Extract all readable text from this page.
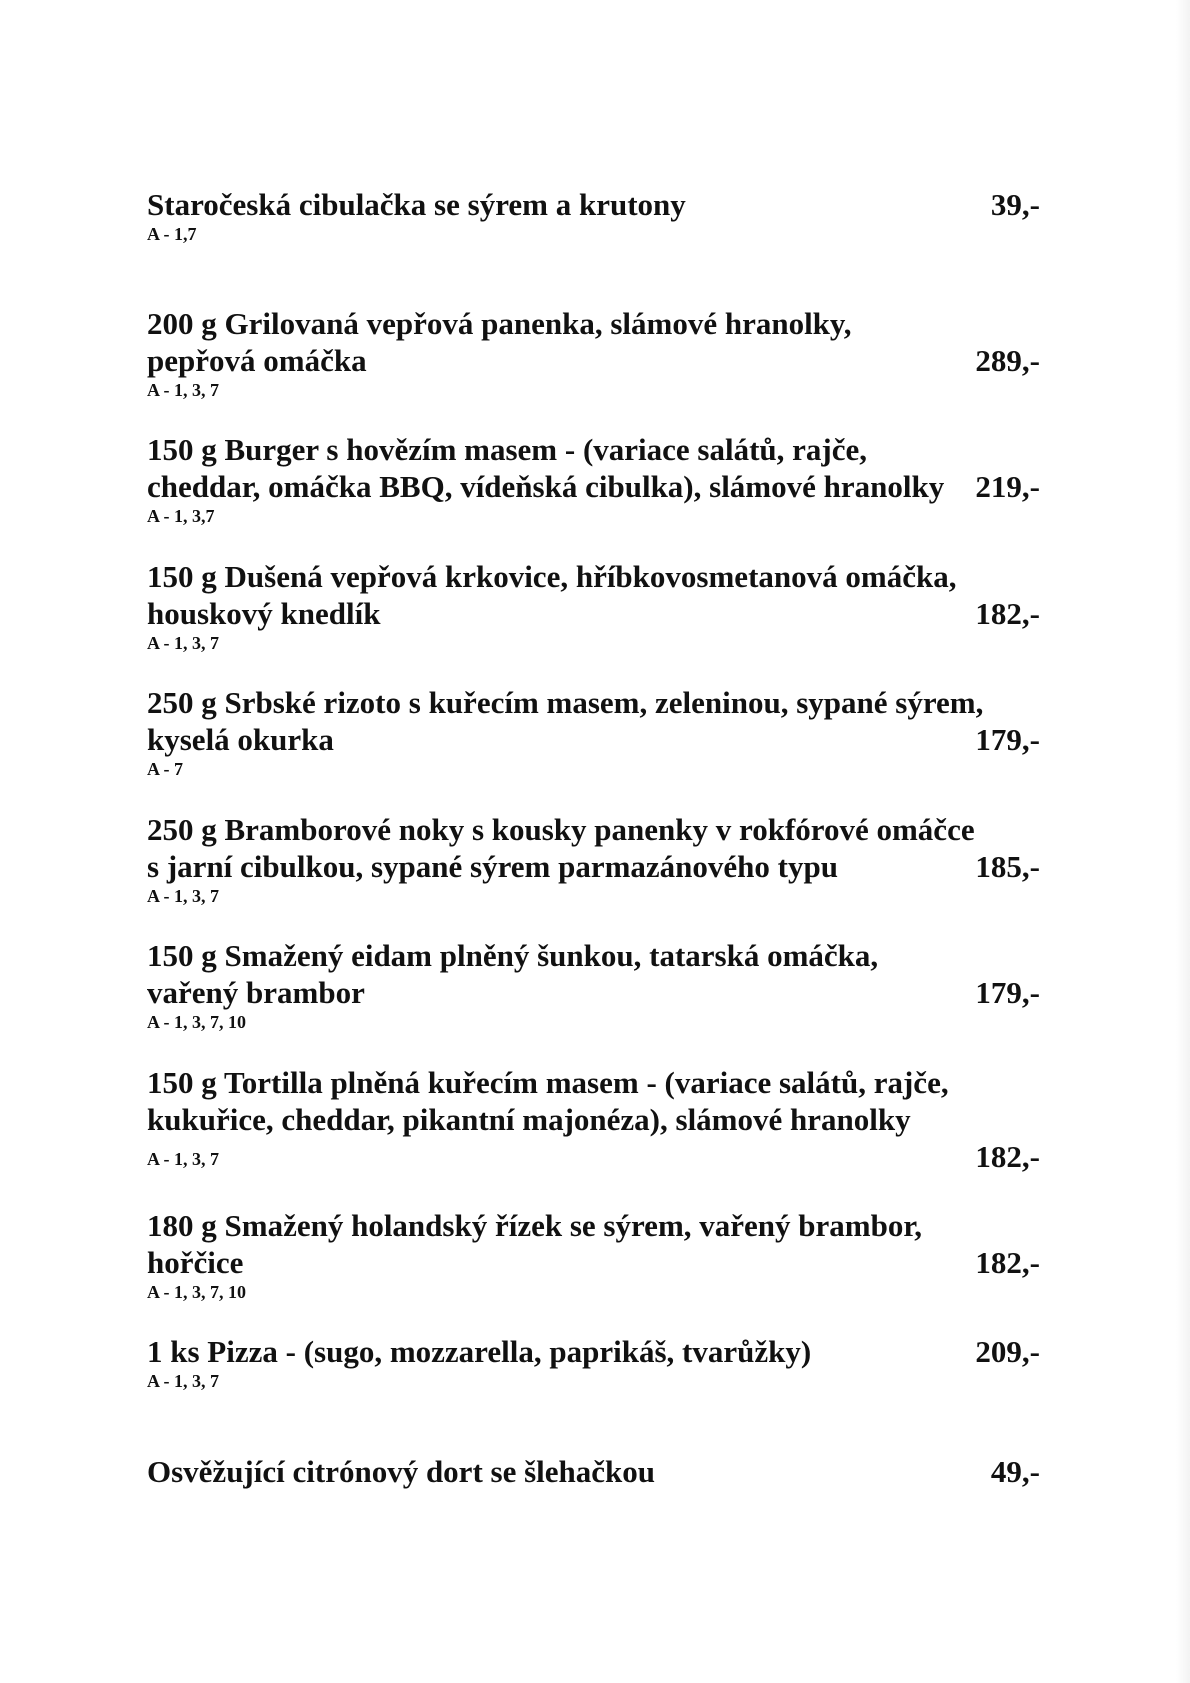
Staročeská cibulačka se sýrem a krutony	39,-
A - 1,7
200 g Grilovaná vepřová panenka, slámové hranolky,
pepřová omáčka	289,-
A - 1, 3, 7
150 g Burger s hovězím masem - (variace salátů, rajče,
cheddar, omáčka BBQ, vídeňská cibulka), slámové hranolky 219,-
A - 1, 3,7
150 g Dušená vepřová krkovice, hříbkovosmetanová omáčka,
houskový knedlík	182,-
A - 1, 3, 7
250 g Srbské rizoto s kuřecím masem, zeleninou, sypané sýrem,
kyselá okurka	179,-
A - 7
250 g Bramborové noky s kousky panenky v rokfórové omáčce
s jarní cibulkou, sypané sýrem parmazánového typu	185,-
A - 1, 3, 7
150 g Smažený eidam plněný šunkou, tatarská omáčka,
vařený brambor	179,-
A - 1, 3, 7, 10
150 g Tortilla plněná kuřecím masem - (variace salátů, rajče,
kukuřice, cheddar, pikantní majonéza), slámové hranolky
A - 1, 3, 7	182,-
180 g Smažený holandský řízek se sýrem, vařený brambor,
hořčice	182,-
A - 1, 3, 7, 10
1 ks Pizza - (sugo, mozzarella, paprikáš, tvarůžky)	209,-
A - 1, 3, 7
Osvěžující citrónový dort se šlehačkou	49,-
